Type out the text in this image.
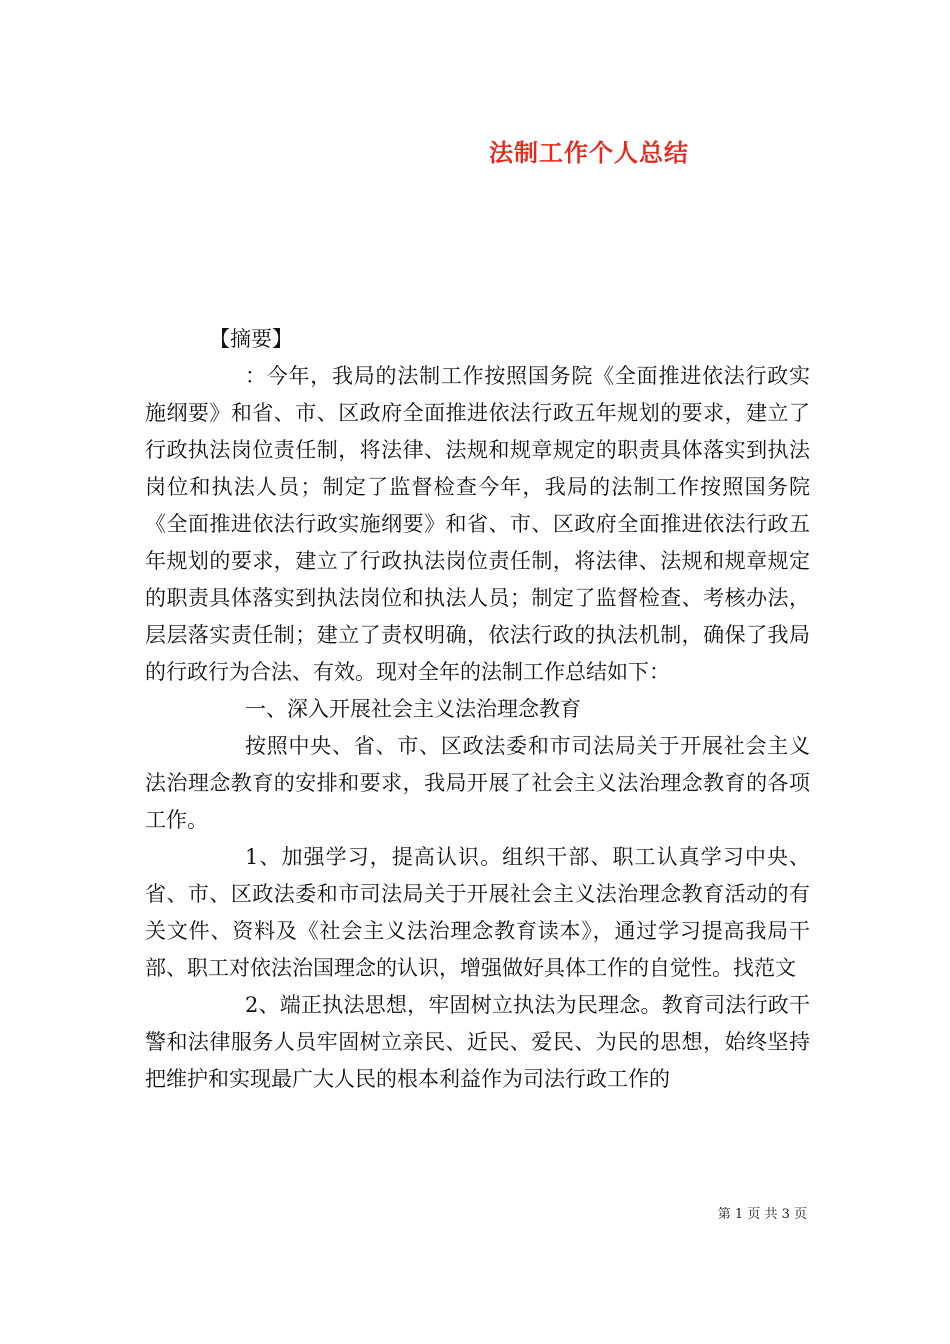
法制工作个人总结

【摘要】

：今年，我局的法制工作按照国务院《全面推进依法行政实施纲要》和省、市、区政府全面推进依法行政五年规划的要求，建立了行政执法岗位责任制，将法律、法规和规章规定的职责具体落实到执法岗位和执法人员；制定了监督检查今年，我局的法制工作按照国务院《全面推进依法行政实施纲要》和省、市、区政府全面推进依法行政五年规划的要求，建立了行政执法岗位责任制，将法律、法规和规章规定的职责具体落实到执法岗位和执法人员；制定了监督检查、考核办法，层层落实责任制；建立了责权明确，依法行政的执法机制，确保了我局的行政行为合法、有效。现对全年的法制工作总结如下：

一、深入开展社会主义法治理念教育

按照中央、省、市、区政法委和市司法局关于开展社会主义法治理念教育的安排和要求，我局开展了社会主义法治理念教育的各项工作。

1、加强学习，提高认识。组织干部、职工认真学习中央、省、市、区政法委和市司法局关于开展社会主义法治理念教育活动的有关文件、资料及《社会主义法治理念教育读本》，通过学习提高我局干部、职工对依法治国理念的认识，增强做好具体工作的自觉性。找范文

2、端正执法思想，牢固树立执法为民理念。教育司法行政干警和法律服务人员牢固树立亲民、近民、爱民、为民的思想，始终坚持把维护和实现最广大人民的根本利益作为司法行政工作的

第 1 页 共 3 页
